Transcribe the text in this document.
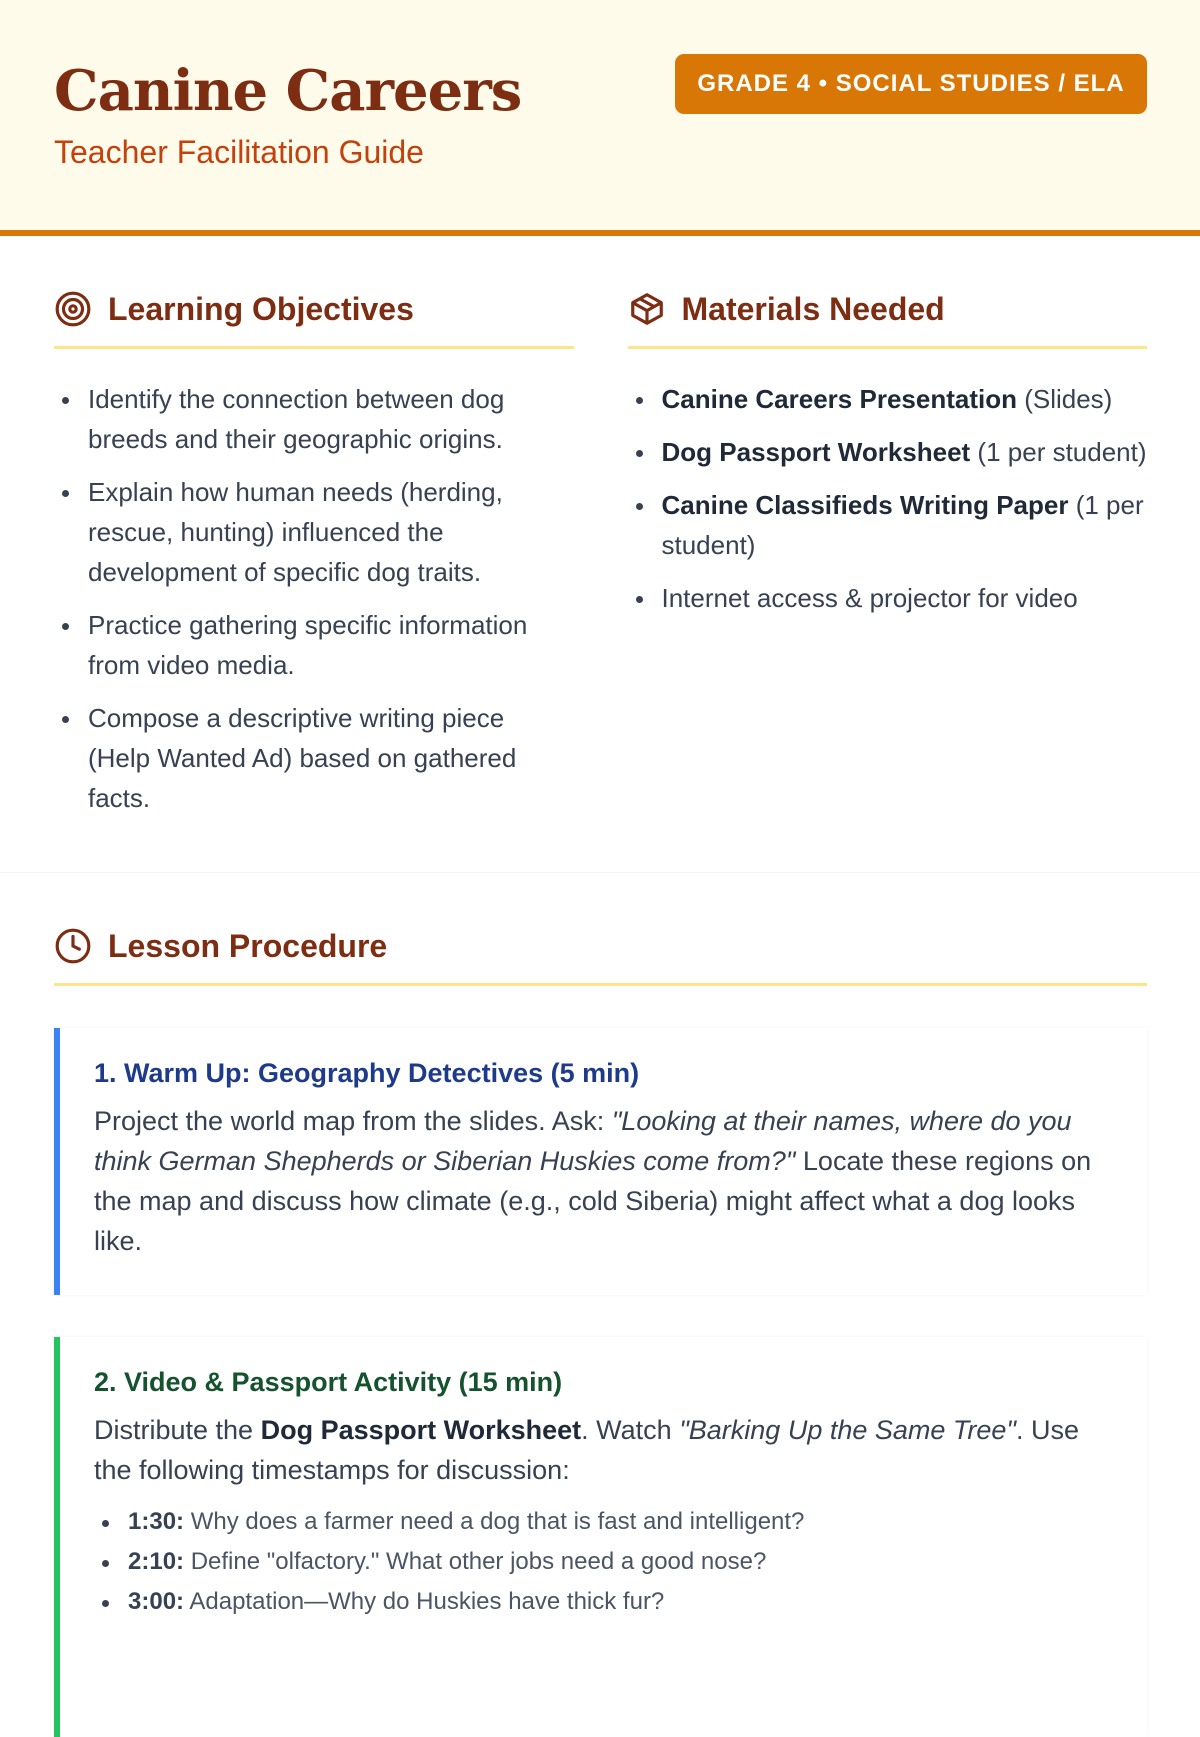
Canine Careers
Teacher Facilitation Guide
GRADE 4 • SOCIAL STUDIES / ELA
Learning Objectives
Identify the connection between dog breeds and their geographic origins.
Explain how human needs (herding, rescue, hunting) influenced the development of specific dog traits.
Practice gathering specific information from video media.
Compose a descriptive writing piece (Help Wanted Ad) based on gathered facts.
Materials Needed
Canine Careers Presentation (Slides)
Dog Passport Worksheet (1 per student)
Canine Classifieds Writing Paper (1 per student)
Internet access & projector for video
Lesson Procedure
1. Warm Up: Geography Detectives (5 min)

Project the world map from the slides. Ask: "Looking at their names, where do you think German Shepherds or Siberian Huskies come from?" Locate these regions on the map and discuss how climate (e.g., cold Siberia) might affect what a dog looks like.

2. Video & Passport Activity (15 min)

Distribute the Dog Passport Worksheet. Watch "Barking Up the Same Tree". Use the following timestamps for discussion:

1:30: Why does a farmer need a dog that is fast and intelligent?
2:10: Define "olfactory." What other jobs need a good nose?
3:00: Adaptation—Why do Huskies have thick fur?
